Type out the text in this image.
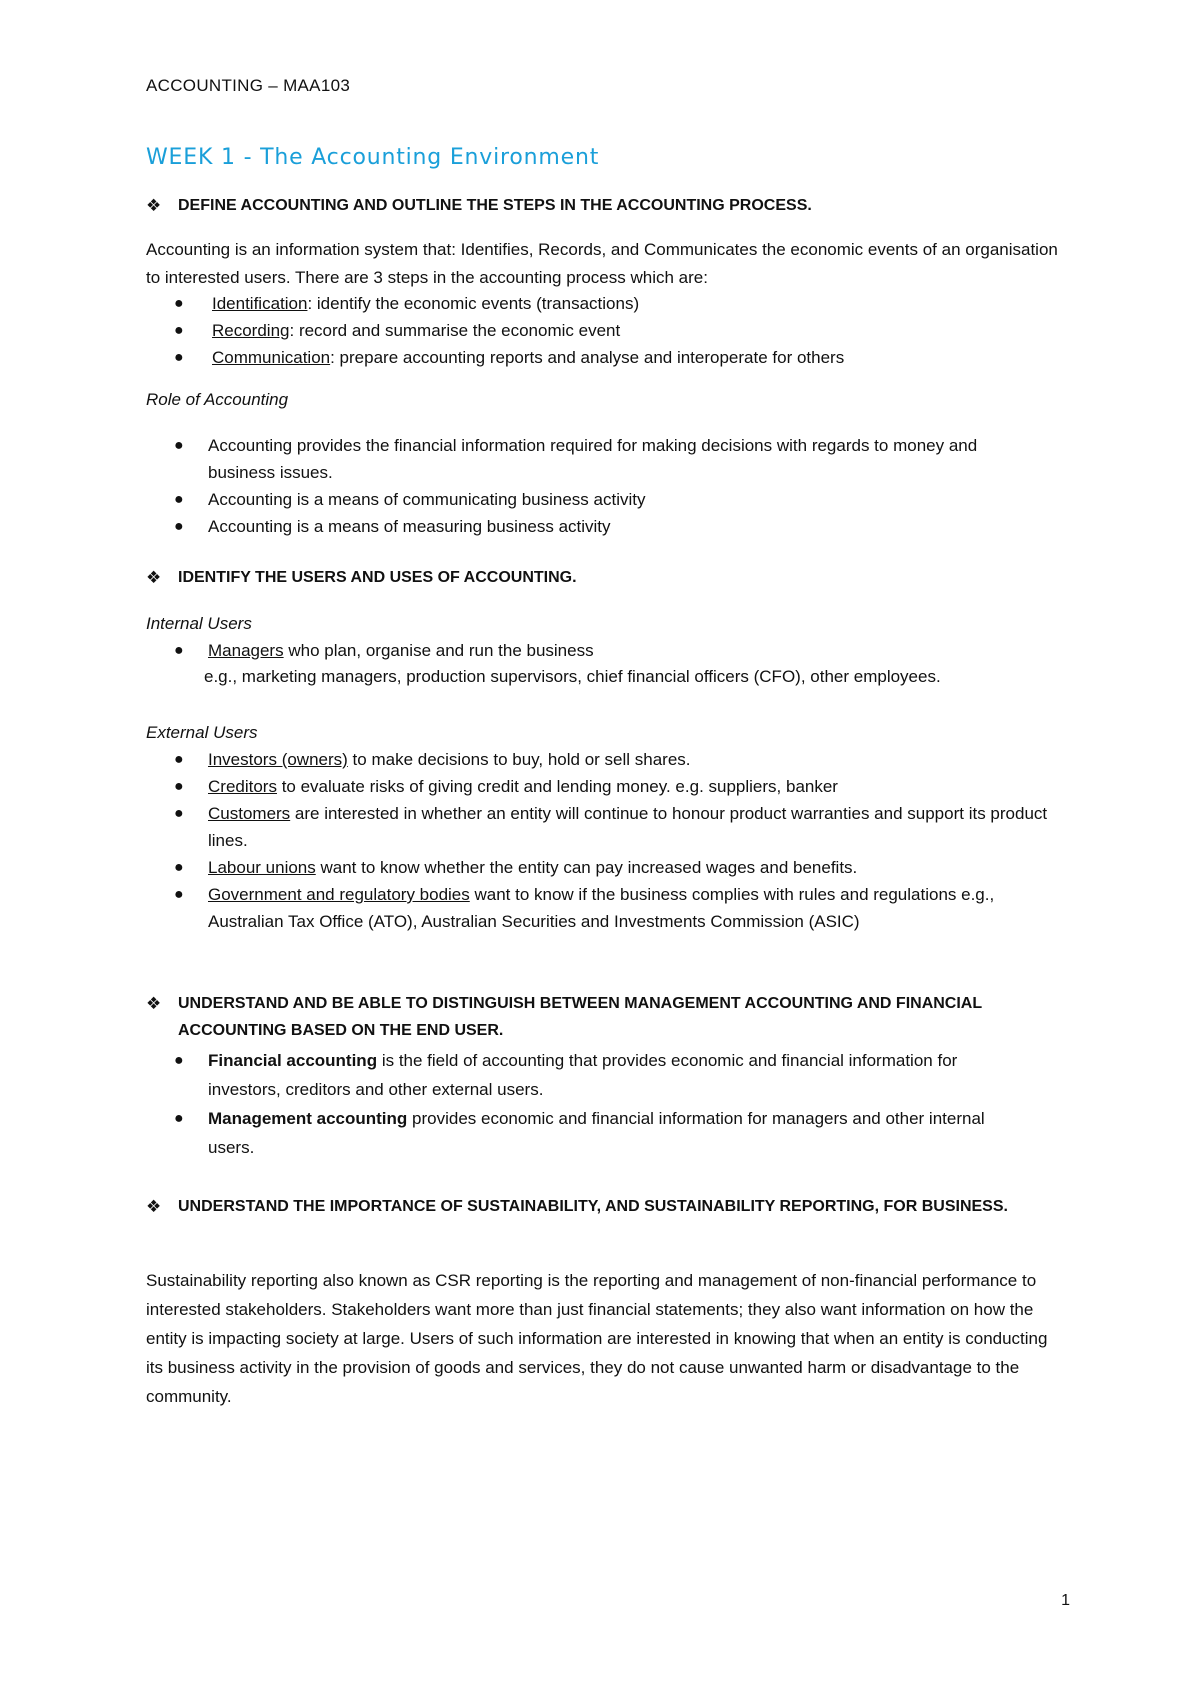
ACCOUNTING – MAA103
WEEK 1 - The Accounting Environment
❖ DEFINE ACCOUNTING AND OUTLINE THE STEPS IN THE ACCOUNTING PROCESS.
Accounting is an information system that: Identifies, Records, and Communicates the economic events of an organisation to interested users. There are 3 steps in the accounting process which are:
● Identification: identify the economic events (transactions)
● Recording: record and summarise the economic event
● Communication: prepare accounting reports and analyse and interoperate for others
Role of Accounting
● Accounting provides the financial information required for making decisions with regards to money and business issues.
● Accounting is a means of communicating business activity
● Accounting is a means of measuring business activity
❖ IDENTIFY THE USERS AND USES OF ACCOUNTING.
Internal Users
● Managers who plan, organise and run the business
e.g., marketing managers, production supervisors, chief financial officers (CFO), other employees.
External Users
● Investors (owners) to make decisions to buy, hold or sell shares.
● Creditors to evaluate risks of giving credit and lending money. e.g. suppliers, banker
● Customers are interested in whether an entity will continue to honour product warranties and support its product lines.
● Labour unions want to know whether the entity can pay increased wages and benefits.
● Government and regulatory bodies want to know if the business complies with rules and regulations e.g., Australian Tax Office (ATO), Australian Securities and Investments Commission (ASIC)
❖ UNDERSTAND AND BE ABLE TO DISTINGUISH BETWEEN MANAGEMENT ACCOUNTING AND FINANCIAL ACCOUNTING BASED ON THE END USER.
● Financial accounting is the field of accounting that provides economic and financial information for investors, creditors and other external users.
● Management accounting provides economic and financial information for managers and other internal users.
❖ UNDERSTAND THE IMPORTANCE OF SUSTAINABILITY, AND SUSTAINABILITY REPORTING, FOR BUSINESS.
Sustainability reporting also known as CSR reporting is the reporting and management of non-financial performance to interested stakeholders. Stakeholders want more than just financial statements; they also want information on how the entity is impacting society at large. Users of such information are interested in knowing that when an entity is conducting its business activity in the provision of goods and services, they do not cause unwanted harm or disadvantage to the community.
1
